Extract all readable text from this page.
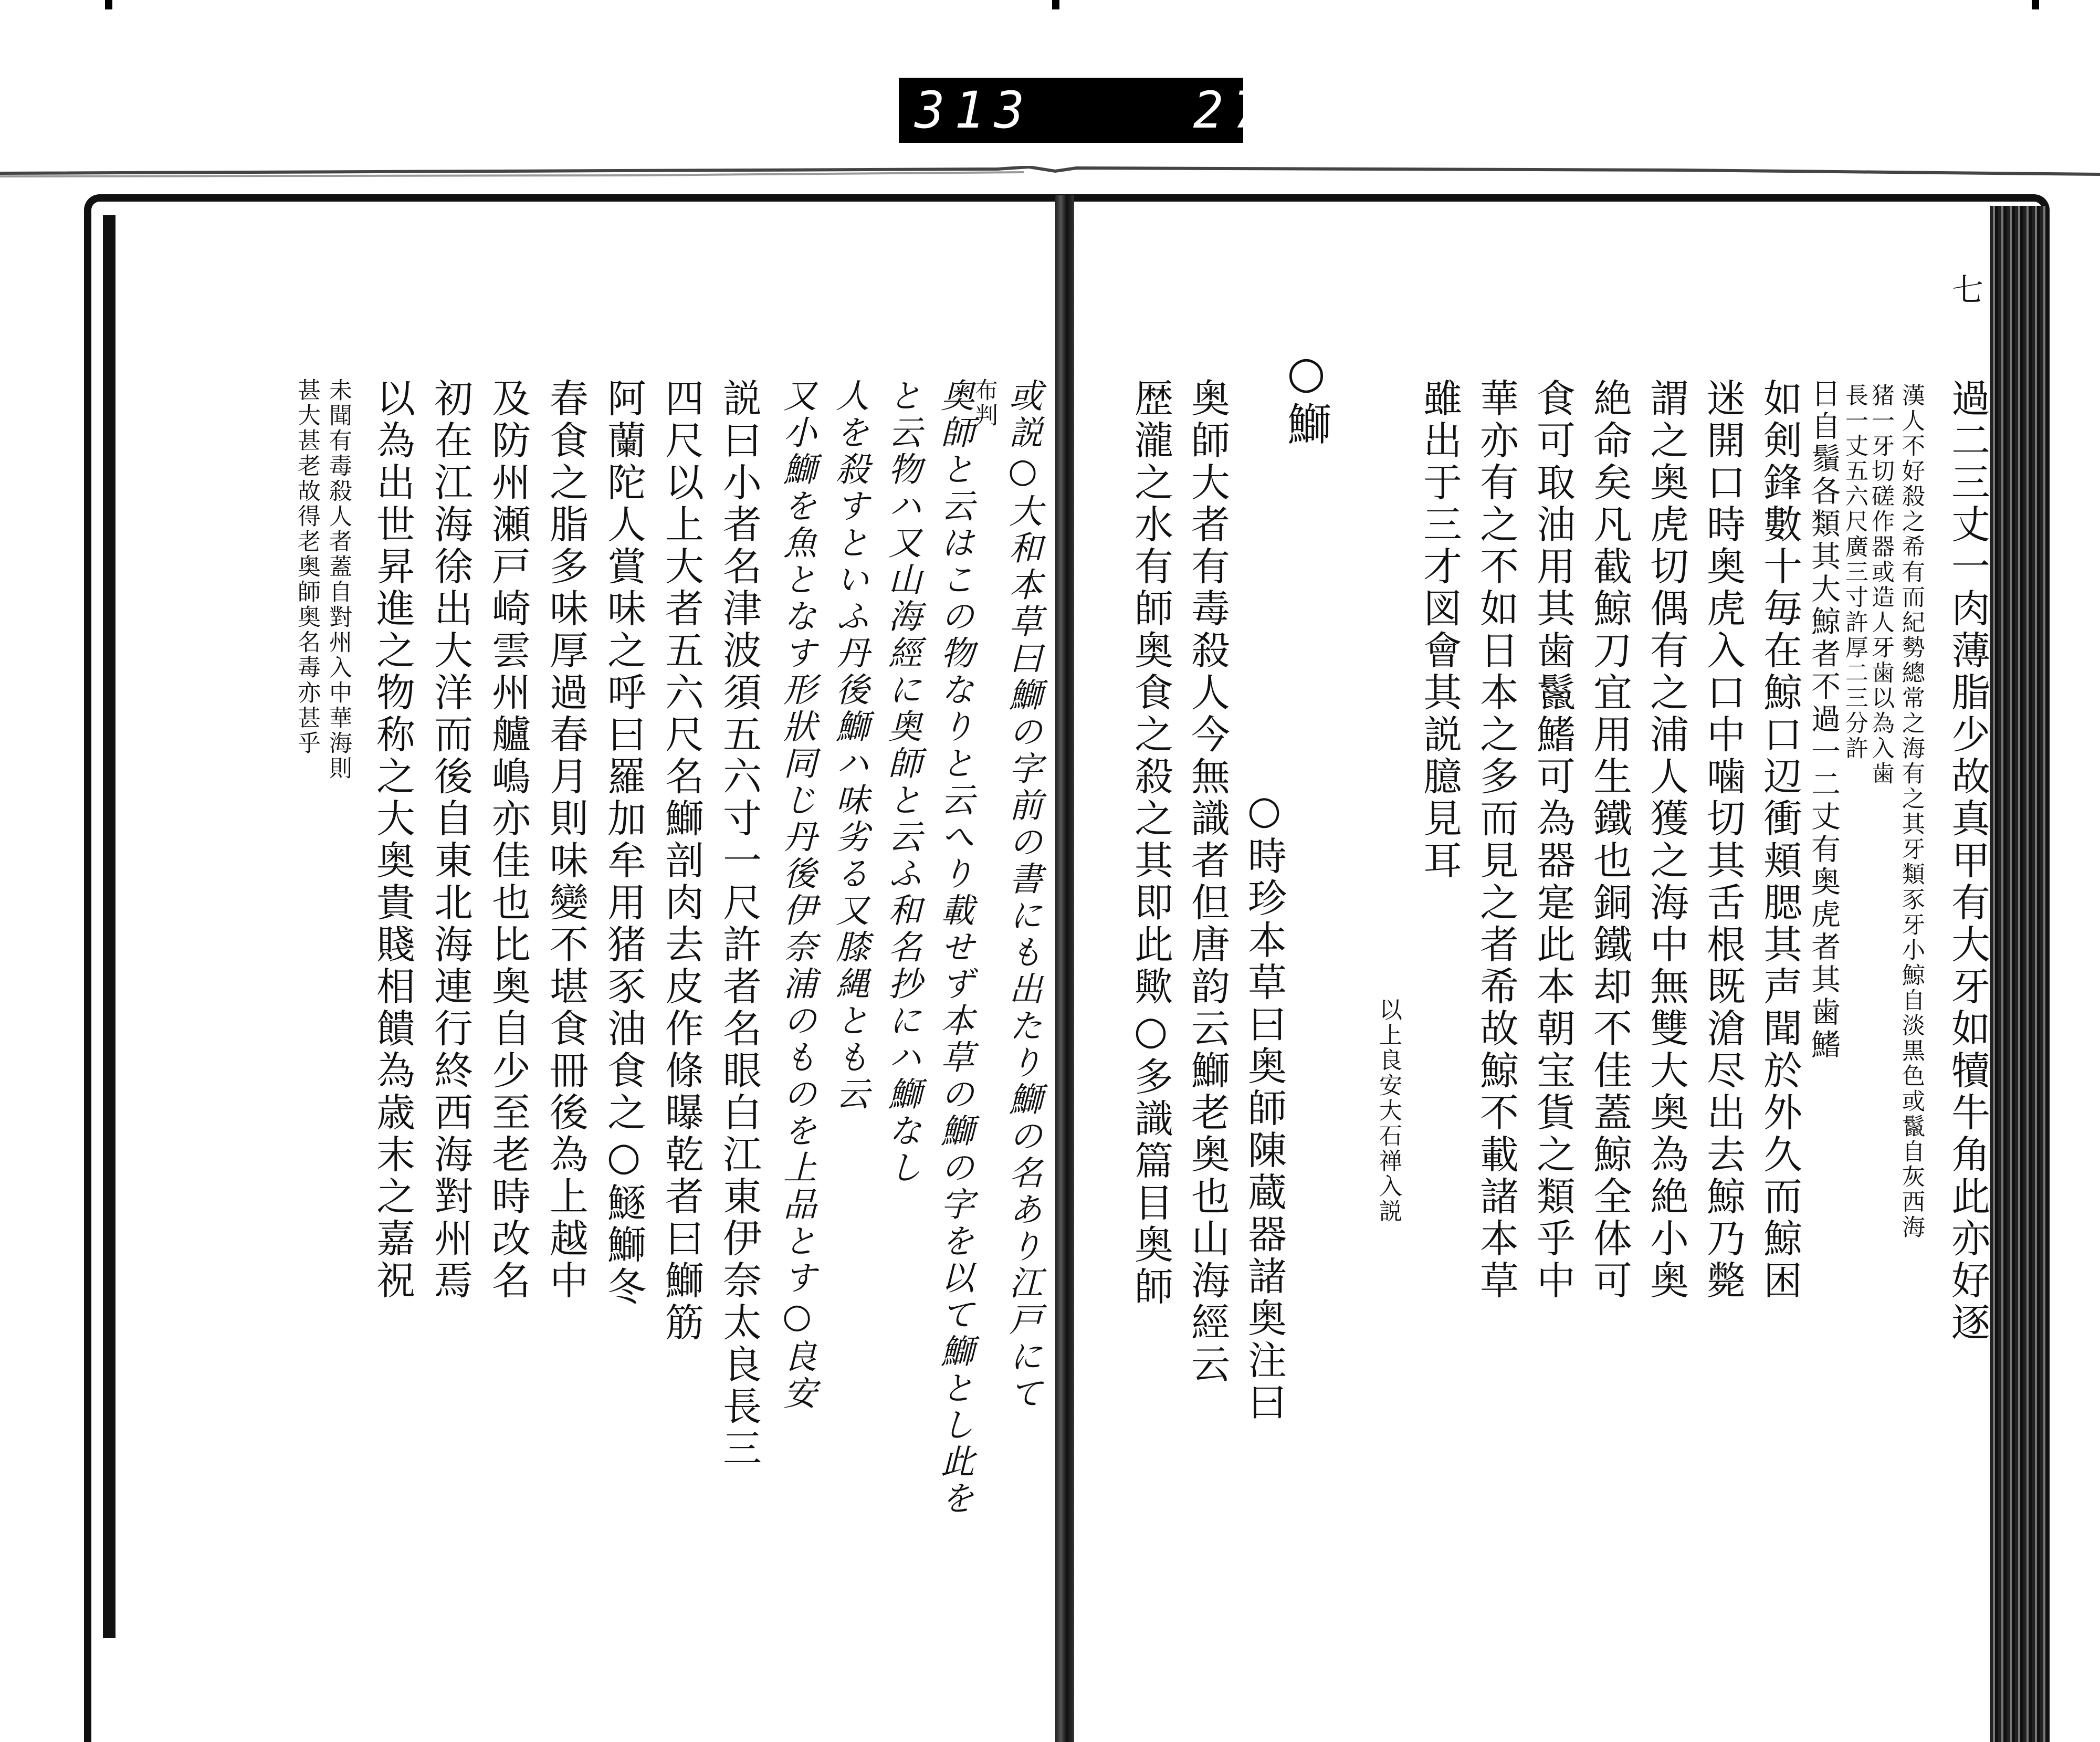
313	275.
七
過二三丈一肉薄脂少故真甲有大牙如犢牛角此亦好逐
漢人不好殺之希有而紀勢總常之海有之其牙類豕牙小鯨自淡黒色或鬣自灰西海
猪一牙切磋作器或造人牙歯以為入歯
長一丈五六尺廣三寸許厚二三分許
日自鬚各類其大鯨者不過一二丈有奥虎者其歯鰭
如剣鋒數十毎在鯨口辺衝頬腮其声聞於外久而鯨困
迷開口時奥虎入口中噛切其舌根既滄尽出去鯨乃斃
謂之奥虎切偶有之浦人獲之海中無雙大奥為絶小奥
絶命矣凡截鯨刀宜用生鐵也銅鐵却不佳蓋鯨全体可
食可取油用其歯鬣鰭可為器寔此本朝宝貨之類乎中
華亦有之不如日本之多而見之者希故鯨不載諸本草
雖出于三才図會其説臆見耳
以上良安大石禅入説
○鰤
○時珍本草曰奥師陳蔵器諸奥注曰
奥師大者有毒殺人今無識者但唐韵云鰤老奥也山海經云
歴瀧之水有師奥食之殺之其即此歟○多識篇目奥師
或説○大和本草曰鰤の字前の書にも出たり鰤の名あり江戸にて
布判
奥師と云はこの物なりと云へり載せず本草の鰤の字を以て鰤とし此を
と云物ハ又山海經に奥師と云ふ和名抄にハ鰤なし
人を殺すといふ丹後鰤ハ味劣る又膝縄とも云
又小鰤を魚となす形狀同じ丹後伊奈浦のものを上品とす○良安
説曰小者名津波須五六寸一尺許者名眼白江東伊奈太良長三
四尺以上大者五六尺名鰤剖肉去皮作條曝乾者曰鰤筋
阿蘭陀人賞味之呼曰羅加牟用猪豕油食之○鱁鰤冬
春食之脂多味厚過春月則味變不堪食冊後為上越中
及防州瀬戸崎雲州艫嶋亦佳也比奥自少至老時改名
初在江海徐出大洋而後自東北海連行終西海對州焉
以為出世昇進之物称之大奥貴賤相饋為歳末之嘉祝
未聞有毒殺人者蓋自對州入中華海則
甚大甚老故得老奥師奥名毒亦甚乎
